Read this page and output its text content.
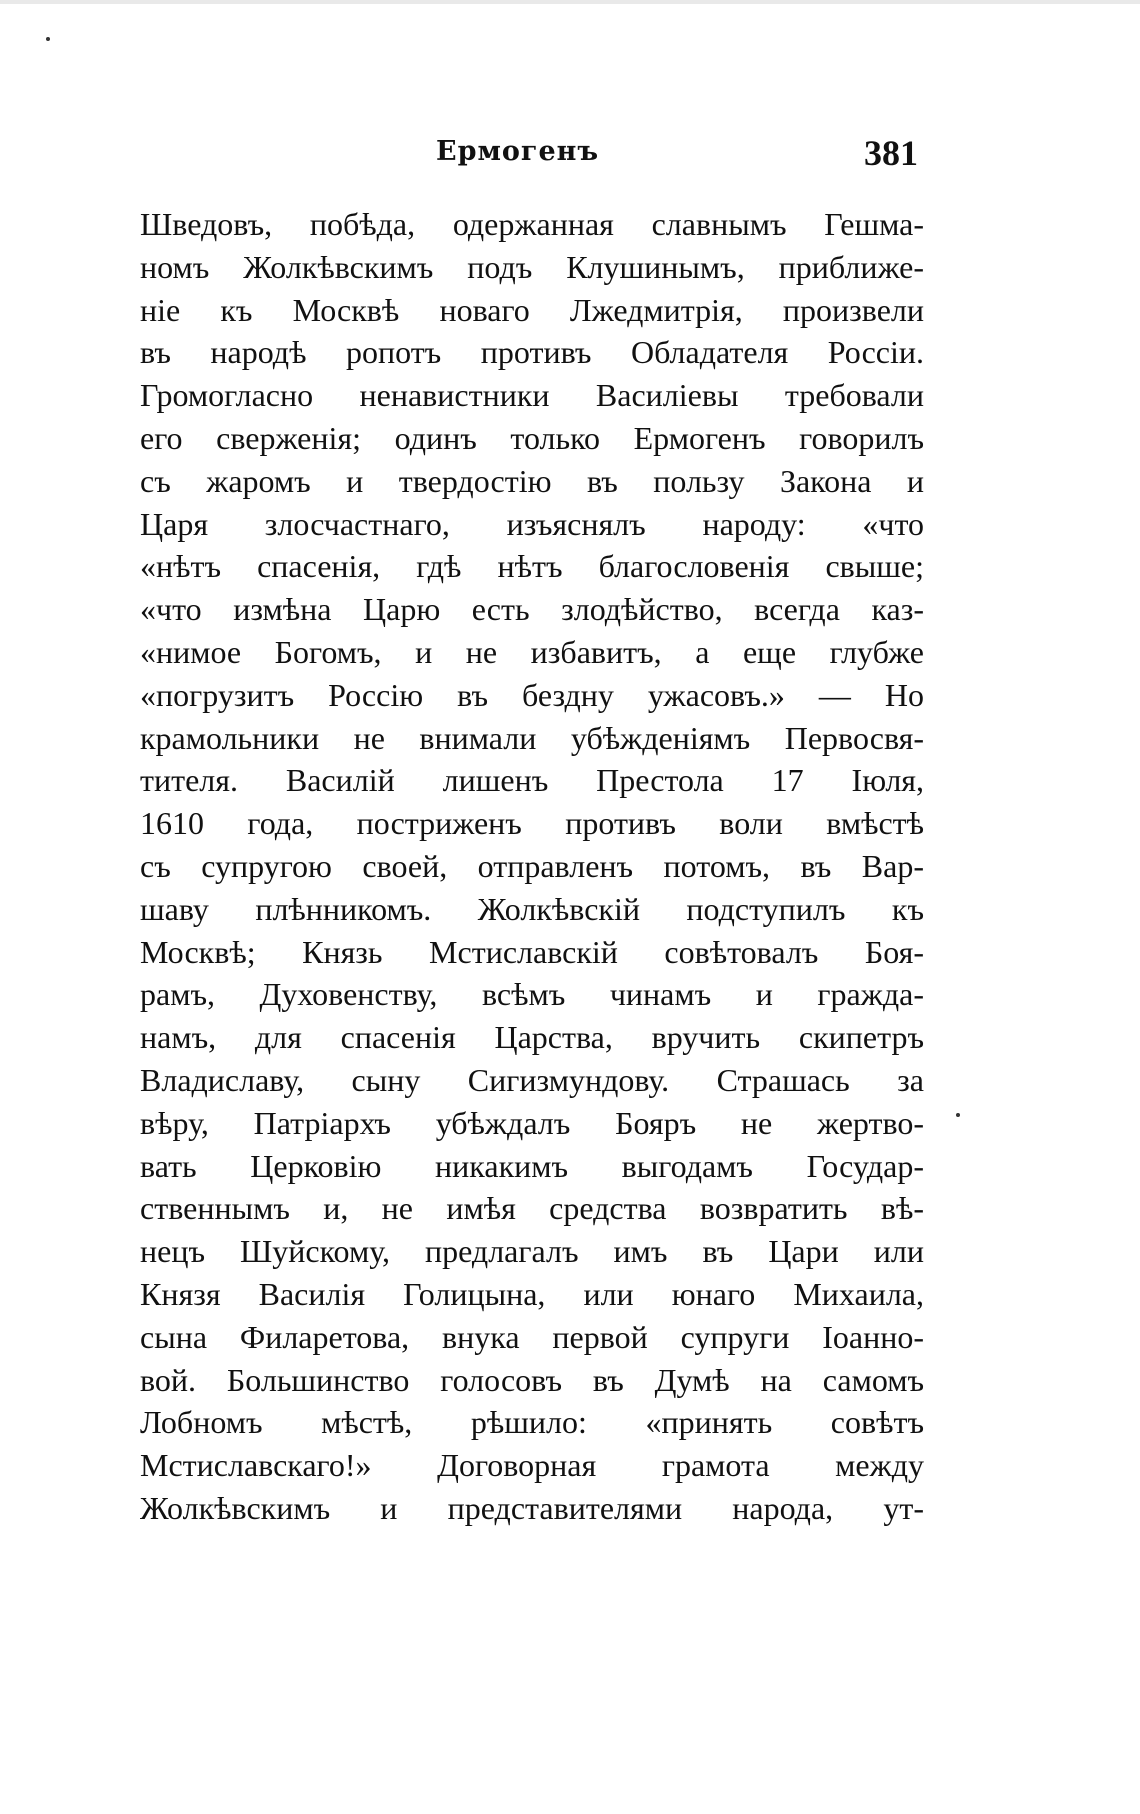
Ермогенъ	381
Шведовъ, побѣда, одержанная славнымъ Гешма-
номъ Жолкѣвскимъ подъ Клушинымъ, приближе-
ніе къ Москвѣ новаго Лжедмитрія, произвели
въ народѣ ропотъ противъ Обладателя Россіи.
Громогласно ненавистники Василіевы требовали
его сверженія; одинъ только Ермогенъ говорилъ
съ жаромъ и твердостію въ пользу Закона и
Царя злосчастнаго, изъяснялъ народу: «что
«нѣтъ спасенія, гдѣ нѣтъ благословенія свыше;
«что измѣна Царю есть злодѣйство, всегда каз-
«нимое Богомъ, и не избавитъ, а еще глубже
«погрузитъ Россію въ бездну ужасовъ.» — Но
крамольники не внимали убѣжденіямъ Первосвя-
тителя. Василій лишенъ Престола 17 Іюля,
1610 года, постриженъ противъ воли вмѣстѣ
съ супругою своей, отправленъ потомъ, въ Вар-
шаву плѣнникомъ. Жолкѣвскій подступилъ къ
Москвѣ; Князь Мстиславскій совѣтовалъ Боя-
рамъ, Духовенству, всѣмъ чинамъ и гражда-
намъ, для спасенія Царства, вручить скипетръ
Владиславу, сыну Сигизмундову. Страшась за
вѣру, Патріархъ убѣждалъ Бояръ не жертво-
вать Церковію никакимъ выгодамъ Государ-
ственнымъ и, не имѣя средства возвратить вѣ-
нецъ Шуйскому, предлагалъ имъ въ Цари или
Князя Василія Голицына, или юнаго Михаила,
сына Филаретова, внука первой супруги Іоанно-
вой. Большинство голосовъ въ Думѣ на самомъ
Лобномъ мѣстѣ, рѣшило: «принять совѣтъ
Мстиславскаго!» Договорная грамота между
Жолкѣвскимъ и представителями народа, ут-
